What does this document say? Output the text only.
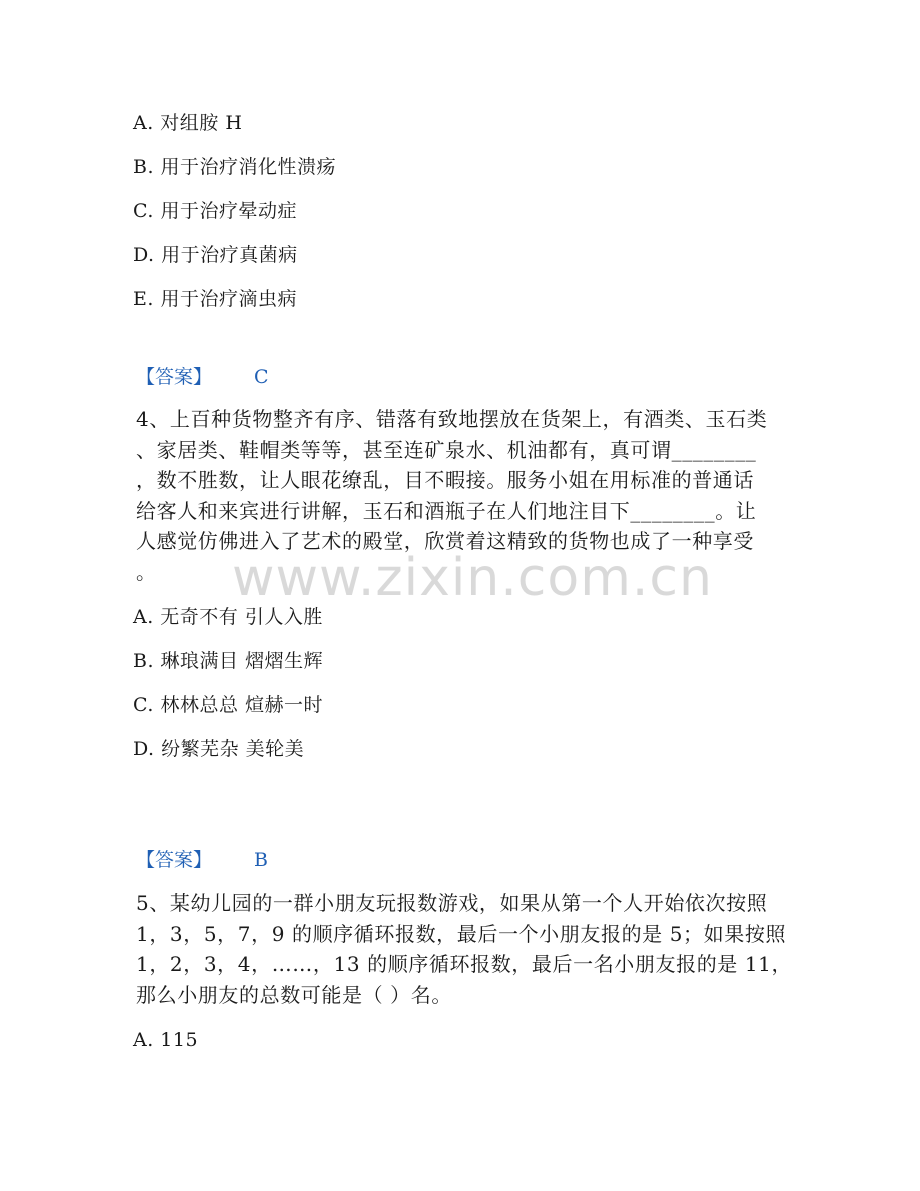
A. 对组胺 H
B. 用于治疗消化性溃疡
C. 用于治疗晕动症
D. 用于治疗真菌病
E. 用于治疗滴虫病
【答案】 C
4、上百种货物整齐有序、错落有致地摆放在货架上，有酒类、玉石类
、家居类、鞋帽类等等，甚至连矿泉水、机油都有，真可谓________
，数不胜数，让人眼花缭乱，目不暇接。服务小姐在用标准的普通话
给客人和来宾进行讲解，玉石和酒瓶子在人们地注目下________。让
人感觉仿佛进入了艺术的殿堂，欣赏着这精致的货物也成了一种享受
。
A. 无奇不有 引人入胜
B. 琳琅满目 熠熠生辉
C. 林林总总 煊赫一时
D. 纷繁芜杂 美轮美
【答案】 B
5、某幼儿园的一群小朋友玩报数游戏，如果从第一个人开始依次按照
1，3，5，7，9 的顺序循环报数，最后一个小朋友报的是 5；如果按照
1，2，3，4，……，13 的顺序循环报数，最后一名小朋友报的是 11，
那么小朋友的总数可能是（ ）名。
A. 115
www.zixin.com.cn
